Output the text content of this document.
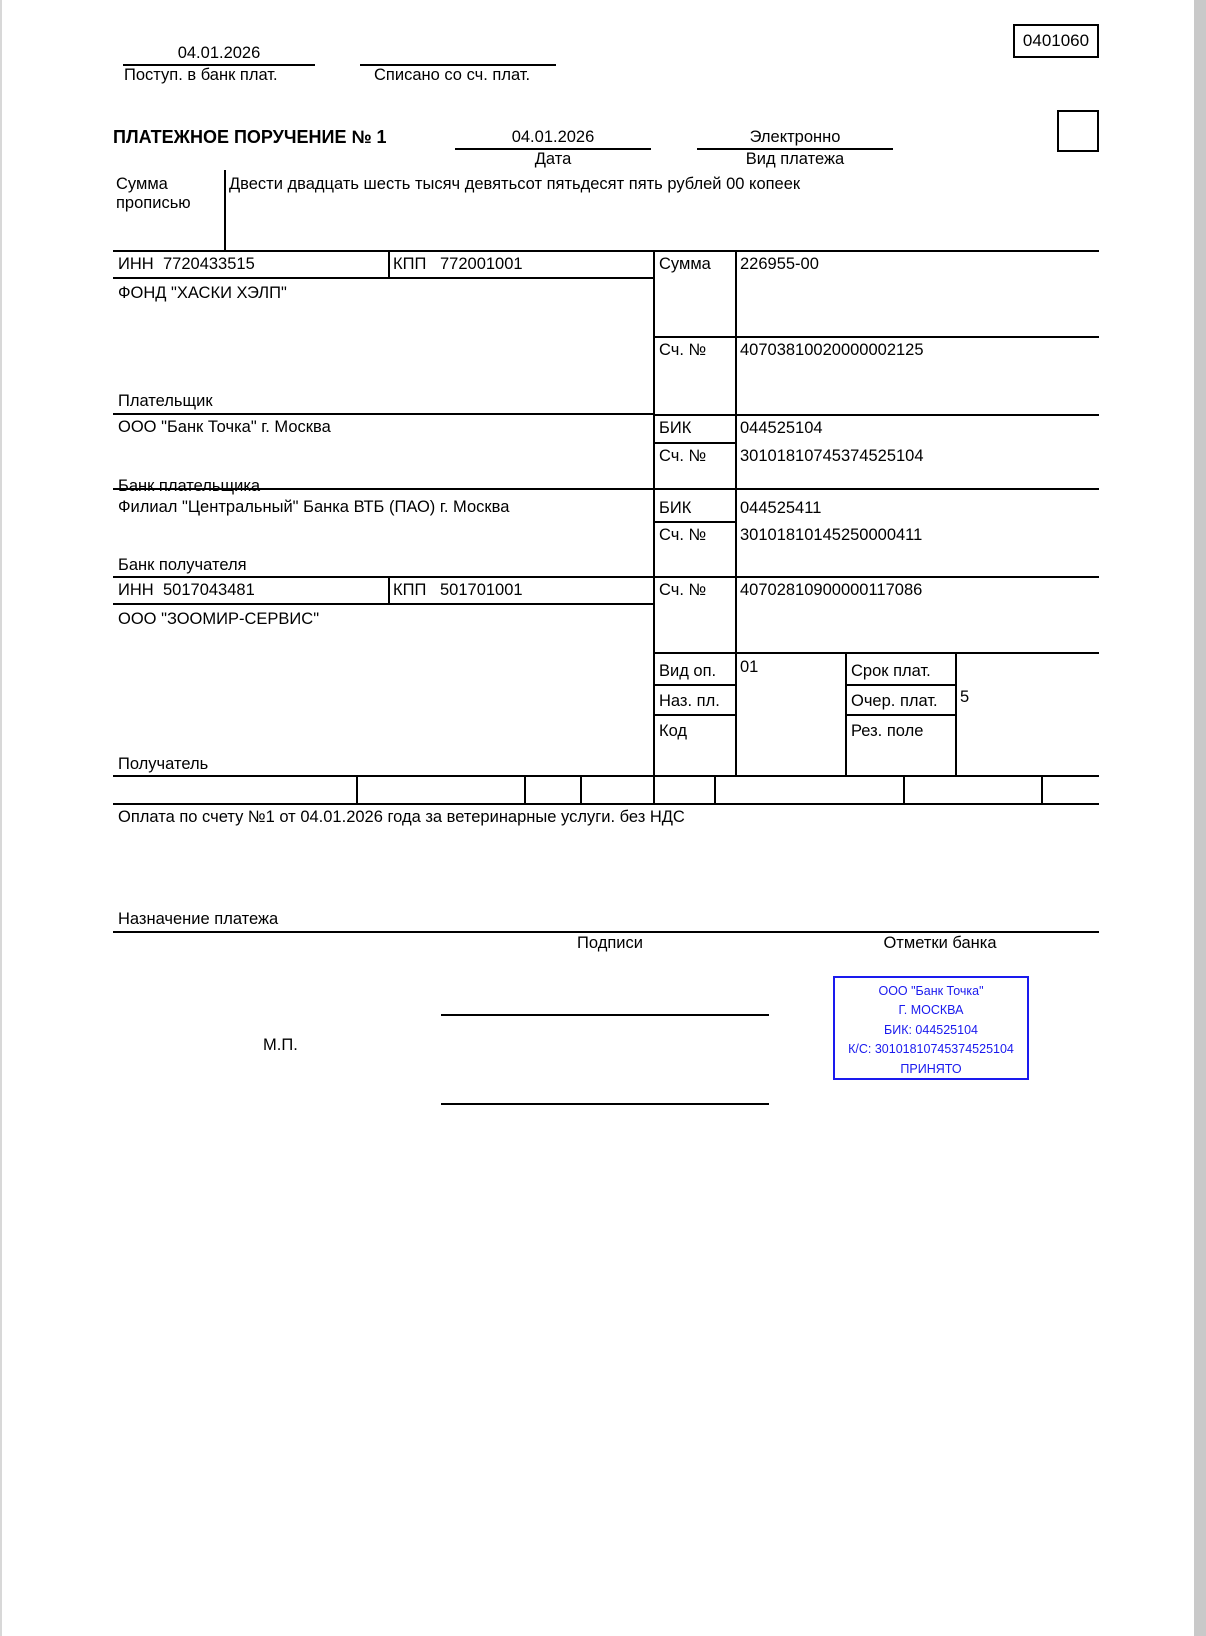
0401060
04.01.2026
Поступ. в банк плат.	Списано со сч. плат.
ПЛАТЕЖНОЕ ПОРУЧЕНИЕ № 1	04.01.2026
Дата
Электронно
Вид платежа
Сумма
прописью
Двести двадцать шесть тысяч девятьсот пятьдесят пять рублей 00 копеек
ИНН 7720433515	КПП 772001001
ФОНД "ХАСКИ ХЭЛП"
Плательщик
ООО "Банк Точка" г. Москва
Банк плательщика
Филиал "Центральный" Банка ВТБ (ПАО) г. Москва
Банк получателя
ИНН 5017043481	КПП 501701001
ООО "ЗООМИР-СЕРВИС"
Получатель
Сумма 226955-00
Сч. № 40703810020000002125
БИК	044525104
Сч. № 30101810745374525104
БИК	044525411
Сч. № 30101810145250000411
Сч. № 40702810900000117086
Вид оп. 01	Срок плат.
Наз. пл.	Очер. плат. 5
Код	Рез. поле
Оплата по счету №1 от 04.01.2026 года за ветеринарные услуги. без НДС
Назначение платежа
Подписи	Отметки банка
М.П.
ООО "Банк Точка"
Г. МОСКВА
БИК: 044525104
К/С: 30101810745374525104
ПРИНЯТО
